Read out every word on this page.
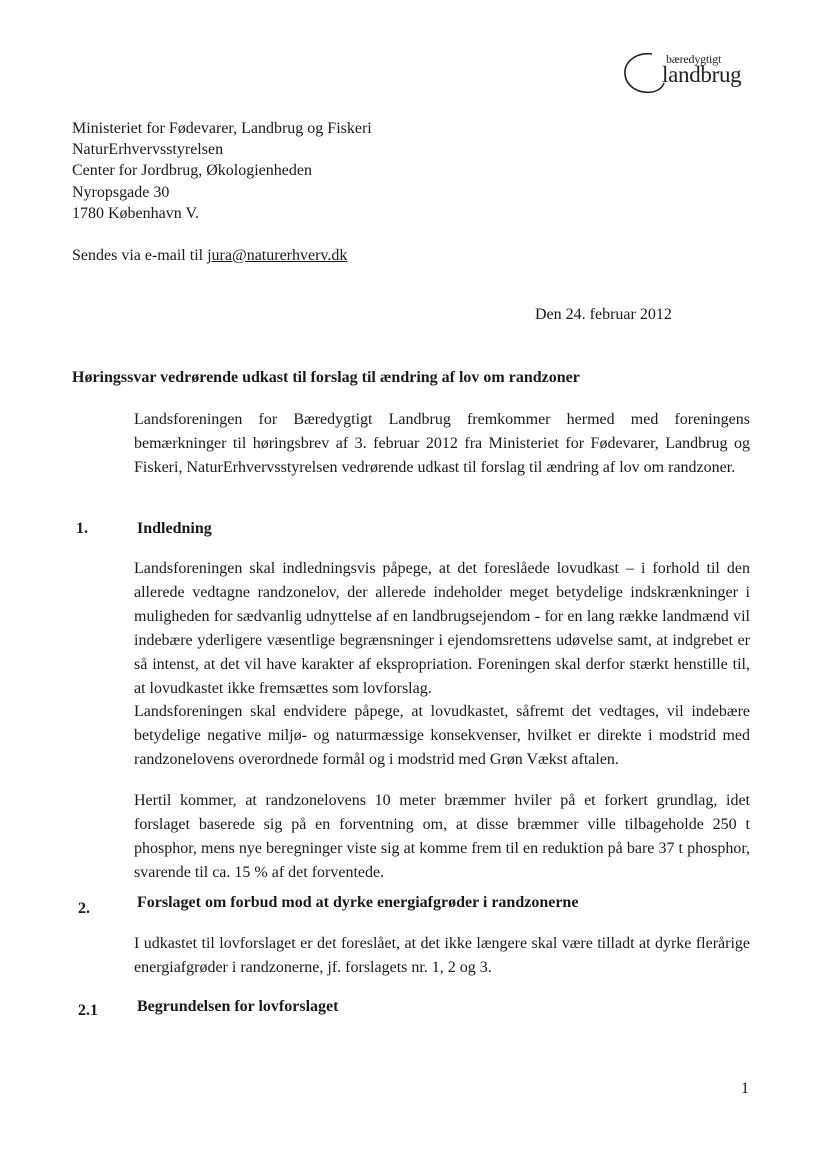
bæredygtigt
landbrug
Ministeriet for Fødevarer, Landbrug og Fiskeri
NaturErhvervsstyrelsen
Center for Jordbrug, Økologienheden
Nyropsgade 30
1780 København V.
Sendes via e-mail til jura@naturerhverv.dk
Den 24. februar 2012
Høringssvar vedrørende udkast til forslag til ændring af lov om randzoner

Landsforeningen for Bæredygtigt Landbrug fremkommer hermed med foreningens bemærkninger til høringsbrev af 3. februar 2012 fra Ministeriet for Fødevarer, Landbrug og Fiskeri, NaturErhvervsstyrelsen vedrørende udkast til forslag til ændring af lov om randzoner.

1.	Indledning

Landsforeningen skal indledningsvis påpege, at det foreslåede lovudkast – i forhold til den allerede vedtagne randzonelov, der allerede indeholder meget betydelige indskrænkninger i muligheden for sædvanlig udnyttelse af en landbrugsejendom - for en lang række landmænd vil indebære yderligere væsentlige begrænsninger i ejendomsrettens udøvelse samt, at indgrebet er så intenst, at det vil have karakter af ekspropriation. Foreningen skal derfor stærkt henstille til, at lovudkastet ikke fremsættes som lovforslag.

Landsforeningen skal endvidere påpege, at lovudkastet, såfremt det vedtages, vil indebære betydelige negative miljø- og naturmæssige konsekvenser, hvilket er direkte i modstrid med randzonelovens overordnede formål og i modstrid med Grøn Vækst aftalen.

Hertil kommer, at randzonelovens 10 meter bræmmer hviler på et forkert grundlag, idet forslaget baserede sig på en forventning om, at disse bræmmer ville tilbageholde 250 t phosphor, mens nye beregninger viste sig at komme frem til en reduktion på bare 37 t phosphor, svarende til ca. 15 % af det forventede.

2.	Forslaget om forbud mod at dyrke energiafgrøder i randzonerne

I udkastet til lovforslaget er det foreslået, at det ikke længere skal være tilladt at dyrke flerårige energiafgrøder i randzonerne, jf. forslagets nr. 1, 2 og 3.

2.1 Begrundelsen for lovforslaget
1
